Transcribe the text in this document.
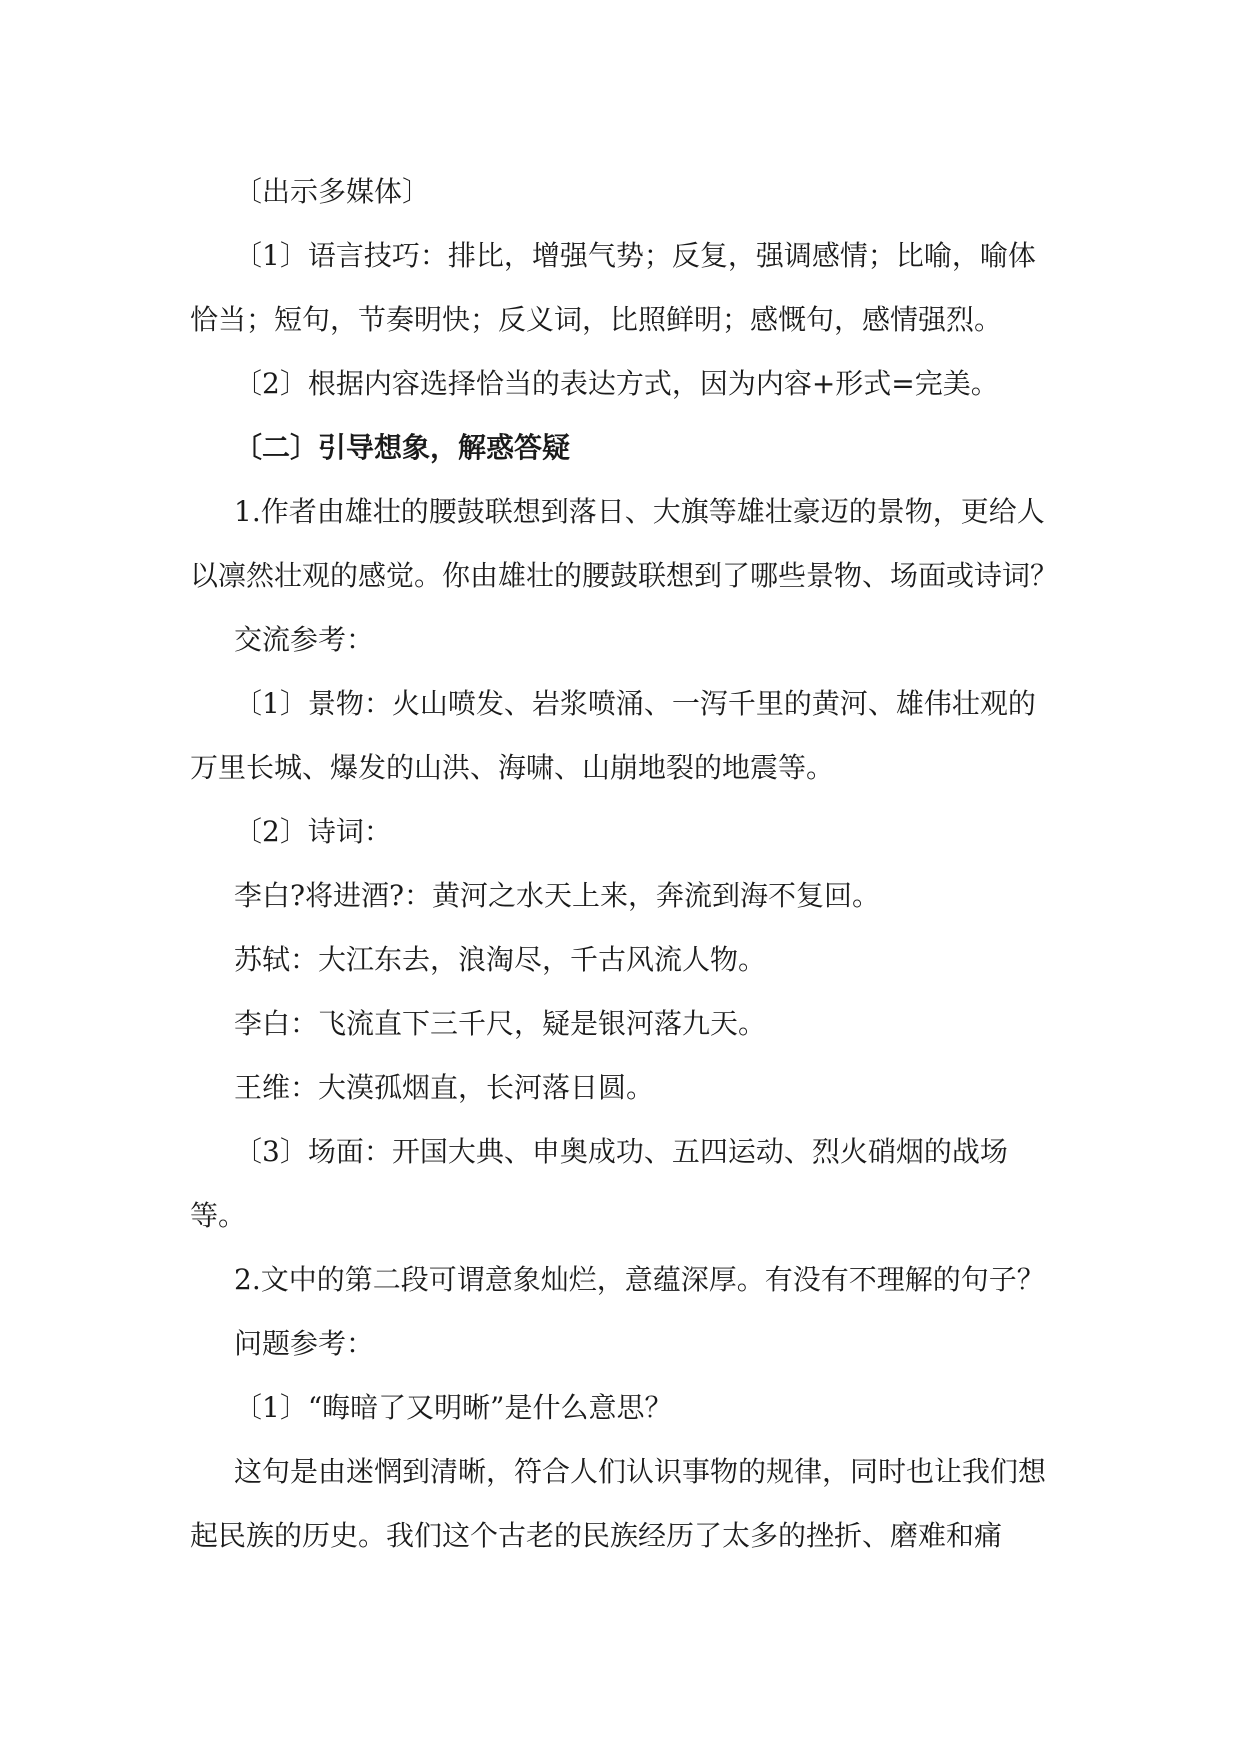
〔出示多媒体〕

〔1〕语言技巧：排比，增强气势；反复，强调感情；比喻，喻体恰当；短句，节奏明快；反义词，比照鲜明；感慨句，感情强烈。

〔2〕根据内容选择恰当的表达方式，因为内容+形式=完美。

〔二〕引导想象，解惑答疑

1.作者由雄壮的腰鼓联想到落日、大旗等雄壮豪迈的景物，更给人以凛然壮观的感觉。你由雄壮的腰鼓联想到了哪些景物、场面或诗词？

交流参考：

〔1〕景物：火山喷发、岩浆喷涌、一泻千里的黄河、雄伟壮观的万里长城、爆发的山洪、海啸、山崩地裂的地震等。

〔2〕诗词：

李白?将进酒?：黄河之水天上来，奔流到海不复回。

苏轼：大江东去，浪淘尽，千古风流人物。

李白：飞流直下三千尺，疑是银河落九天。

王维：大漠孤烟直，长河落日圆。

〔3〕场面：开国大典、申奥成功、五四运动、烈火硝烟的战场等。

2.文中的第二段可谓意象灿烂，意蕴深厚。有没有不理解的句子？

问题参考：

〔1〕“晦暗了又明晰”是什么意思？

这句是由迷惘到清晰，符合人们认识事物的规律，同时也让我们想起民族的历史。我们这个古老的民族经历了太多的挫折、磨难和痛
